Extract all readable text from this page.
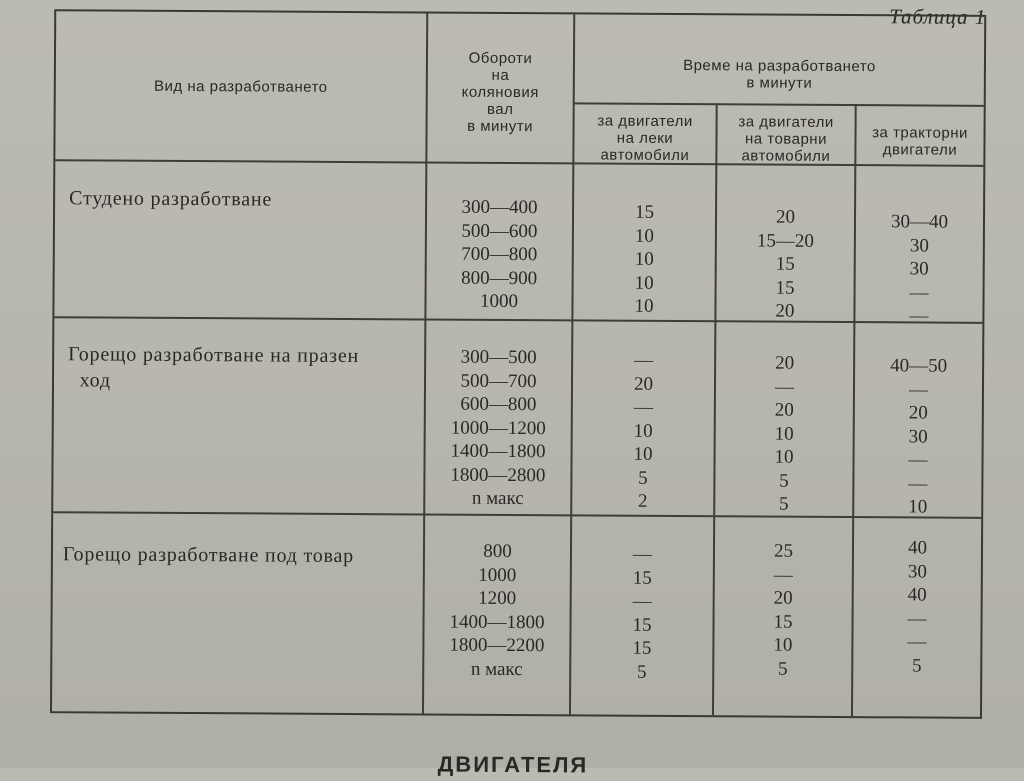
Таблица 1
Вид на разработването
Обороти
на
коляновия
вал
в минути
Време на разработването
в минути
за двигатели
на леки
автомобили
за двигатели
на товарни
автомобили
за тракторни
двигатели
Студено разработване	300—400
500—600
700—800
800—900
1000
15
10
10
10
10
20
15—20
15
15
20
30—40
30
30
—
—
Горещо разработване на празен
ход
300—500
500—700
600—800
1000—1200
1400—1800
1800—2800
n макс
—
20
—
10
10
5
2
20
—
20
10
10
5
5
40—50
—
20
30
—
—
10
Горещо разработване под товар	800
1000
1200
1400—1800
1800—2200
n макс
—
15
—
15
15
5
25
—
20
15
10
5
40
30
40
—
—
5
ДВИГАТЕЛЯ
